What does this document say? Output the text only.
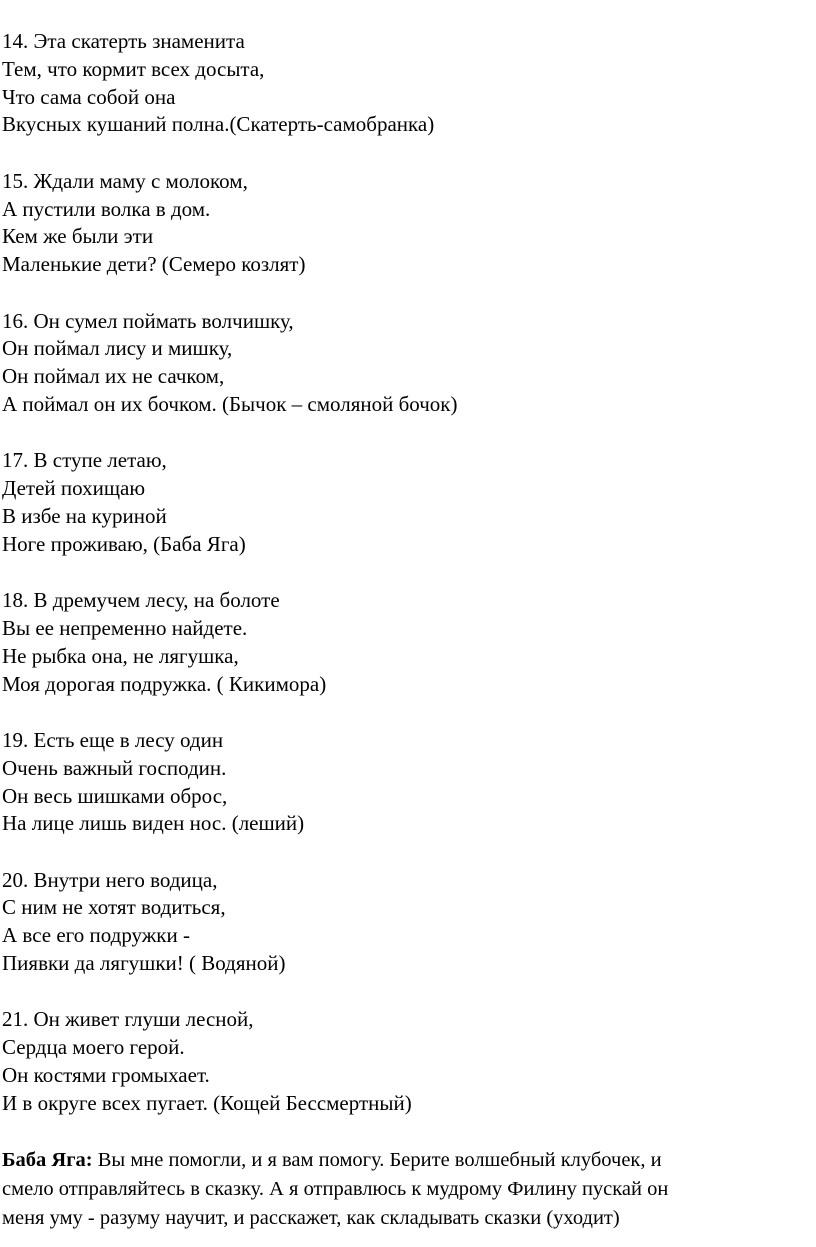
14. Эта скатерть знаменита
Тем, что кормит всех досыта,
Что сама собой она
Вкусных кушаний полна.(Скатерть-самобранка)
15. Ждали маму с молоком,
А пустили волка в дом.
Кем же были эти
Маленькие дети? (Семеро козлят)
16. Он сумел поймать волчишку,
Он поймал лису и мишку,
Он поймал их не сачком,
А поймал он их бочком. (Бычок – смоляной бочок)
17. В ступе летаю,
Детей похищаю
В избе на куриной
Ноге проживаю, (Баба Яга)
18. В дремучем лесу, на болоте
Вы ее непременно найдете.
Не рыбка она, не лягушка,
Моя дорогая подружка. ( Кикимора)
19. Есть еще в лесу один
Очень важный господин.
Он весь шишками оброс,
На лице лишь виден нос. (леший)
20. Внутри него водица,
С ним не хотят водиться,
А все его подружки -
Пиявки да лягушки! ( Водяной)
21. Он живет глуши лесной,
Сердца моего герой.
Он костями громыхает.
И в округе всех пугает. (Кощей Бессмертный)
Баба Яга: Вы мне помогли, и я вам помогу. Берите волшебный клубочек, и
смело отправляйтесь в сказку. А я отправлюсь к мудрому Филину пускай он
меня уму - разуму научит, и расскажет, как складывать сказки (уходит)
